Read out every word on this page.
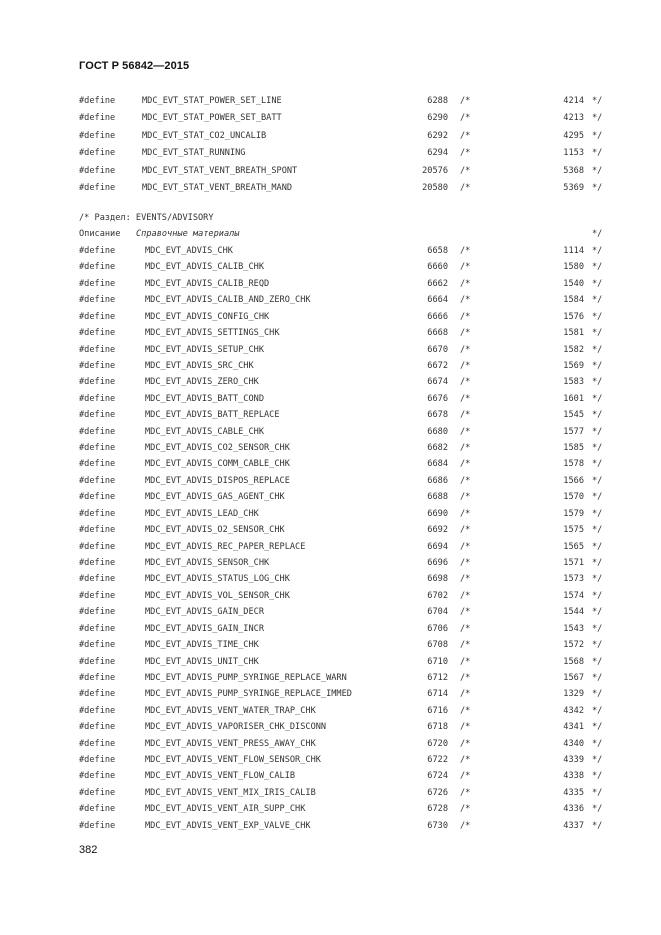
ГОСТ Р 56842—2015

/* Раздел: EVENTS/ADVISORY

Описание

Справочные материалы

	*/

#define	MDC_EVT_STAT_POWER_SET_LINE	6288 /*	4214 */
#define	MDC_EVT_STAT_POWER_SET_BATT	6290 /*	4213 */
#define	MDC_EVT_STAT_CO2_UNCALIB	6292 /*	4295 */
#define	MDC_EVT_STAT_RUNNING	6294 /*	1153 */
#define	MDC_EVT_STAT_VENT_BREATH_SPONT	20576 /*	5368 */
#define	MDC_EVT_STAT_VENT_BREATH_MAND	20580 /*	5369 */
#define	MDC_EVT_ADVIS_CHK	6658 /*	1114 */
#define	MDC_EVT_ADVIS_CALIB_CHK	6660 /*	1580 */
#define	MDC_EVT_ADVIS_CALIB_REQD	6662 /*	1540 */
#define	MDC_EVT_ADVIS_CALIB_AND_ZERO_CHK	6664 /*	1584 */
#define	MDC_EVT_ADVIS_CONFIG_CHK	6666 /*	1576 */
#define	MDC_EVT_ADVIS_SETTINGS_CHK	6668 /*	1581 */
#define	MDC_EVT_ADVIS_SETUP_CHK	6670 /*	1582 */
#define	MDC_EVT_ADVIS_SRC_CHK	6672 /*	1569 */
#define	MDC_EVT_ADVIS_ZERO_CHK	6674 /*	1583 */
#define	MDC_EVT_ADVIS_BATT_COND	6676 /*	1601 */
#define	MDC_EVT_ADVIS_BATT_REPLACE	6678 /*	1545 */
#define	MDC_EVT_ADVIS_CABLE_CHK	6680 /*	1577 */
#define	MDC_EVT_ADVIS_CO2_SENSOR_CHK	6682 /*	1585 */
#define	MDC_EVT_ADVIS_COMM_CABLE_CHK	6684 /*	1578 */
#define	MDC_EVT_ADVIS_DISPOS_REPLACE	6686 /*	1566 */
#define	MDC_EVT_ADVIS_GAS_AGENT_CHK	6688 /*	1570 */
#define	MDC_EVT_ADVIS_LEAD_CHK	6690 /*	1579 */
#define	MDC_EVT_ADVIS_O2_SENSOR_CHK	6692 /*	1575 */
#define	MDC_EVT_ADVIS_REC_PAPER_REPLACE	6694 /*	1565 */
#define	MDC_EVT_ADVIS_SENSOR_CHK	6696 /*	1571 */
#define	MDC_EVT_ADVIS_STATUS_LOG_CHK	6698 /*	1573 */
#define	MDC_EVT_ADVIS_VOL_SENSOR_CHK	6702 /*	1574 */
#define	MDC_EVT_ADVIS_GAIN_DECR	6704 /*	1544 */
#define	MDC_EVT_ADVIS_GAIN_INCR	6706 /*	1543 */
#define	MDC_EVT_ADVIS_TIME_CHK	6708 /*	1572 */
#define	MDC_EVT_ADVIS_UNIT_CHK	6710 /*	1568 */
#define	MDC_EVT_ADVIS_PUMP_SYRINGE_REPLACE_WARN	6712 /*	1567 */
#define	MDC_EVT_ADVIS_PUMP_SYRINGE_REPLACE_IMMED	6714 /*	1329 */
#define	MDC_EVT_ADVIS_VENT_WATER_TRAP_CHK	6716 /*	4342 */
#define	MDC_EVT_ADVIS_VAPORISER_CHK_DISCONN	6718 /*	4341 */
#define	MDC_EVT_ADVIS_VENT_PRESS_AWAY_CHK	6720 /*	4340 */
#define	MDC_EVT_ADVIS_VENT_FLOW_SENSOR_CHK	6722 /*	4339 */
#define	MDC_EVT_ADVIS_VENT_FLOW_CALIB	6724 /*	4338 */
#define	MDC_EVT_ADVIS_VENT_MIX_IRIS_CALIB	6726 /*	4335 */
#define	MDC_EVT_ADVIS_VENT_AIR_SUPP_CHK	6728 /*	4336 */
#define	MDC_EVT_ADVIS_VENT_EXP_VALVE_CHK	6730 /*	4337 */
382
